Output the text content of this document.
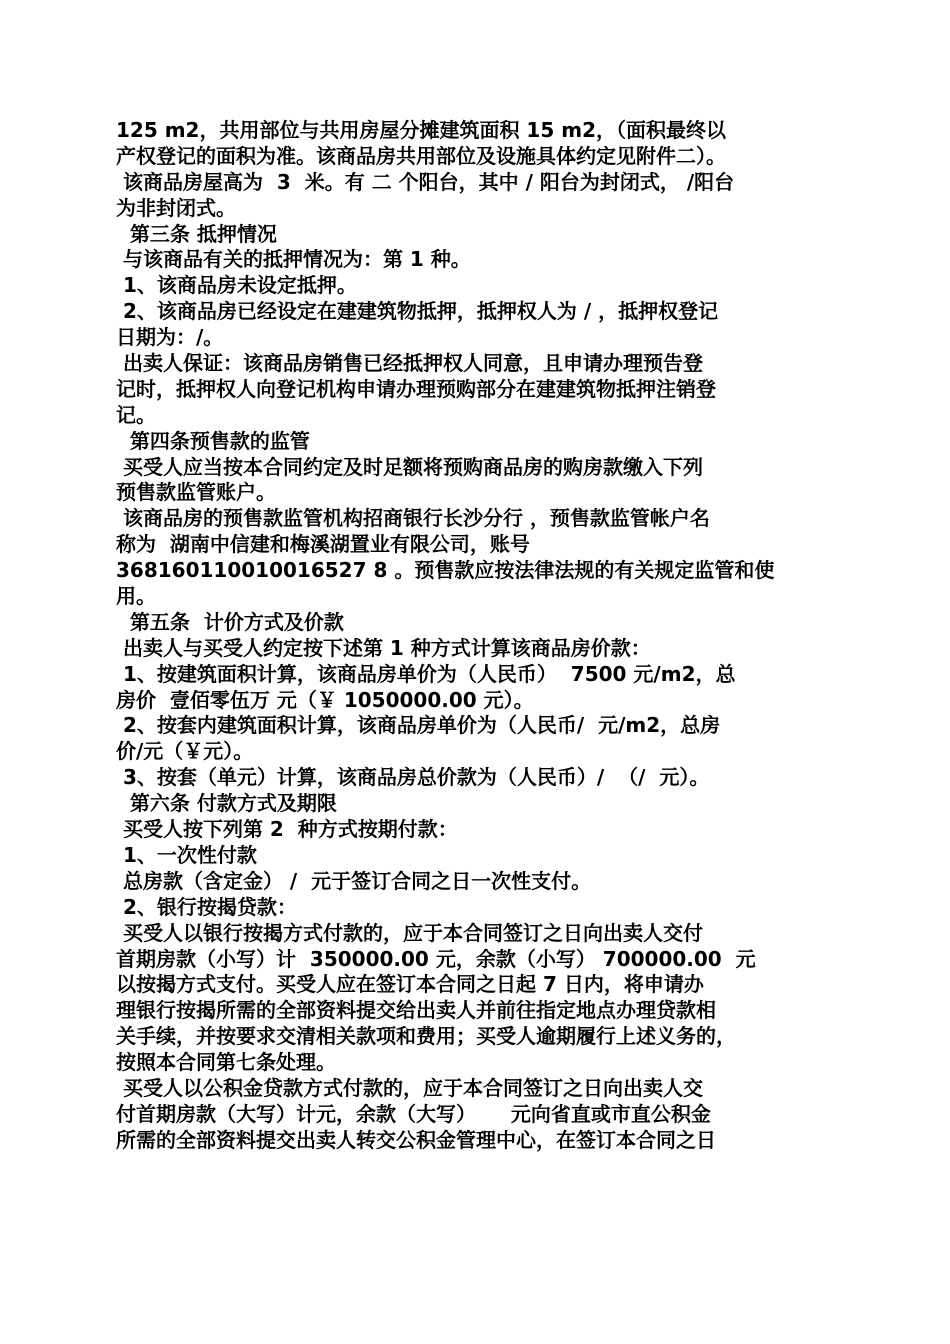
125 m2，共用部位与共用房屋分摊建筑面积 15 m2，（面积最终以
产权登记的面积为准。该商品房共用部位及设施具体约定见附件二）。
该商品房屋高为  3  米。有 二 个阳台，其中 / 阳台为封闭式， /阳台
为非封闭式。
第三条 抵押情况
与该商品有关的抵押情况为：第 1 种。
1、该商品房未设定抵押。
2、该商品房已经设定在建建筑物抵押，抵押权人为 / ，抵押权登记
日期为：/。
出卖人保证：该商品房销售已经抵押权人同意，且申请办理预告登
记时，抵押权人向登记机构申请办理预购部分在建建筑物抵押注销登
记。
第四条预售款的监管
买受人应当按本合同约定及时足额将预购商品房的购房款缴入下列
预售款监管账户。
该商品房的预售款监管机构招商银行长沙分行 ，预售款监管帐户名
称为  湖南中信建和梅溪湖置业有限公司，账号
368160110010016527 8 。预售款应按法律法规的有关规定监管和使
用。
第五条  计价方式及价款
出卖人与买受人约定按下述第 1 种方式计算该商品房价款：
1、按建筑面积计算，该商品房单价为（人民币）  7500 元/m2，总
房价  壹佰零伍万 元（￥ 1050000.00 元）。
2、按套内建筑面积计算，该商品房单价为（人民币/  元/m2，总房
价/元（￥元）。
3、按套（单元）计算，该商品房总价款为（人民币）/  （/  元）。
第六条 付款方式及期限
买受人按下列第 2  种方式按期付款：
1、一次性付款
总房款（含定金） /  元于签订合同之日一次性支付。
2、银行按揭贷款：
买受人以银行按揭方式付款的，应于本合同签订之日向出卖人交付
首期房款（小写）计  350000.00 元，余款（小写） 700000.00  元
以按揭方式支付。买受人应在签订本合同之日起 7 日内，将申请办
理银行按揭所需的全部资料提交给出卖人并前往指定地点办理贷款相
关手续，并按要求交清相关款项和费用；买受人逾期履行上述义务的，
按照本合同第七条处理。
买受人以公积金贷款方式付款的，应于本合同签订之日向出卖人交
付首期房款（大写）计元，余款（大写）     元向省直或市直公积金
所需的全部资料提交出卖人转交公积金管理中心，在签订本合同之日
